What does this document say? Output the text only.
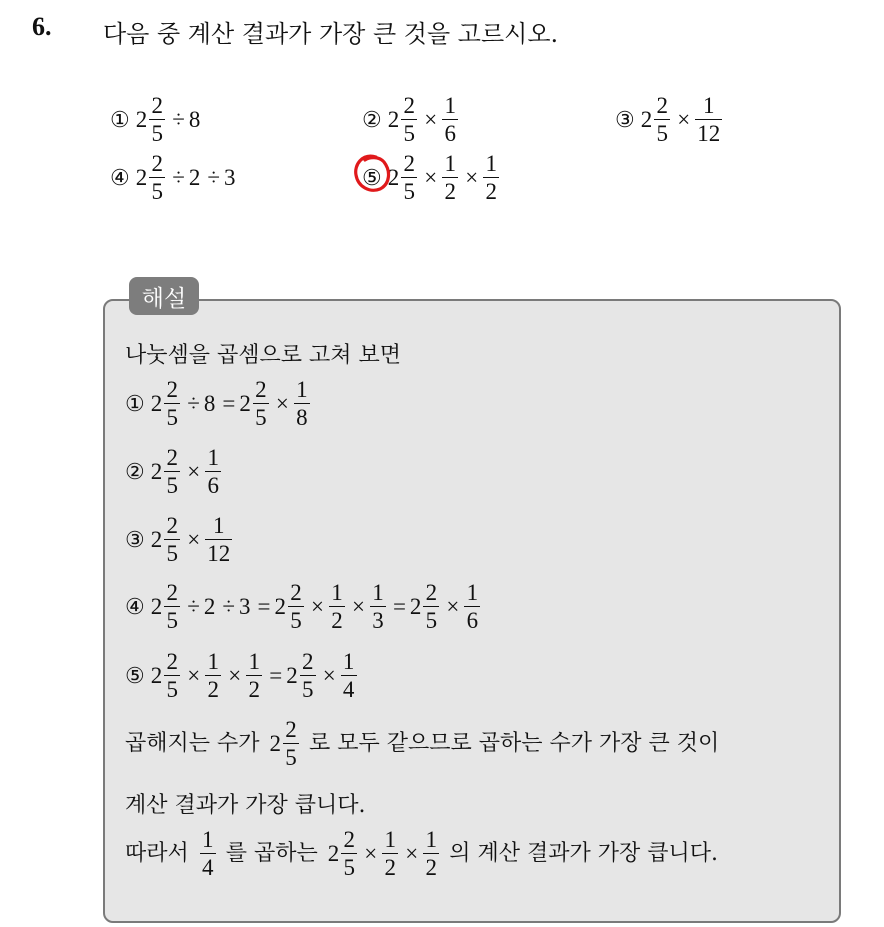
6. 다음 중 계산 결과가 가장 큰 것을 고르시오.
① $2 \frac{2}{5} \div 8$	② $2 \frac{2}{5} \times \frac{1}{6}$	③ $2 \frac{2}{5} \times \frac{1}{12}$
④ $2 \frac{2}{5} \div 2 \div 3$	⑤ $2 \frac{2}{5} \times \frac{1}{2} \times \frac{1}{2}$
해설
나눗셈을 곱셈으로 고쳐 보면
① $2 \frac{2}{5} \div 8 = 2 \frac{2}{5} \times \frac{1}{8}$
② $2 \frac{2}{5} \times \frac{1}{6}$
③ $2 \frac{2}{5} \times \frac{1}{12}$
④ $2 \frac{2}{5} \div 2 \div 3 = 2 \frac{2}{5} \times \frac{1}{2} \times \frac{1}{3} = 2 \frac{2}{5} \times \frac{1}{6}$
⑤ $2 \frac{2}{5} \times \frac{1}{2} \times \frac{1}{2} = 2 \frac{2}{5} \times \frac{1}{4}$
곱해지는 수가 $2 \frac{2}{5}$ 로 모두 같으므로 곱하는 수가 가장 큰 것이
계산 결과가 가장 큽니다.
따라서 $\frac{1}{4}$ 를 곱하는 $2 \frac{2}{5} \times \frac{1}{2} \times \frac{1}{2}$ 의 계산 결과가 가장 큽니다.
